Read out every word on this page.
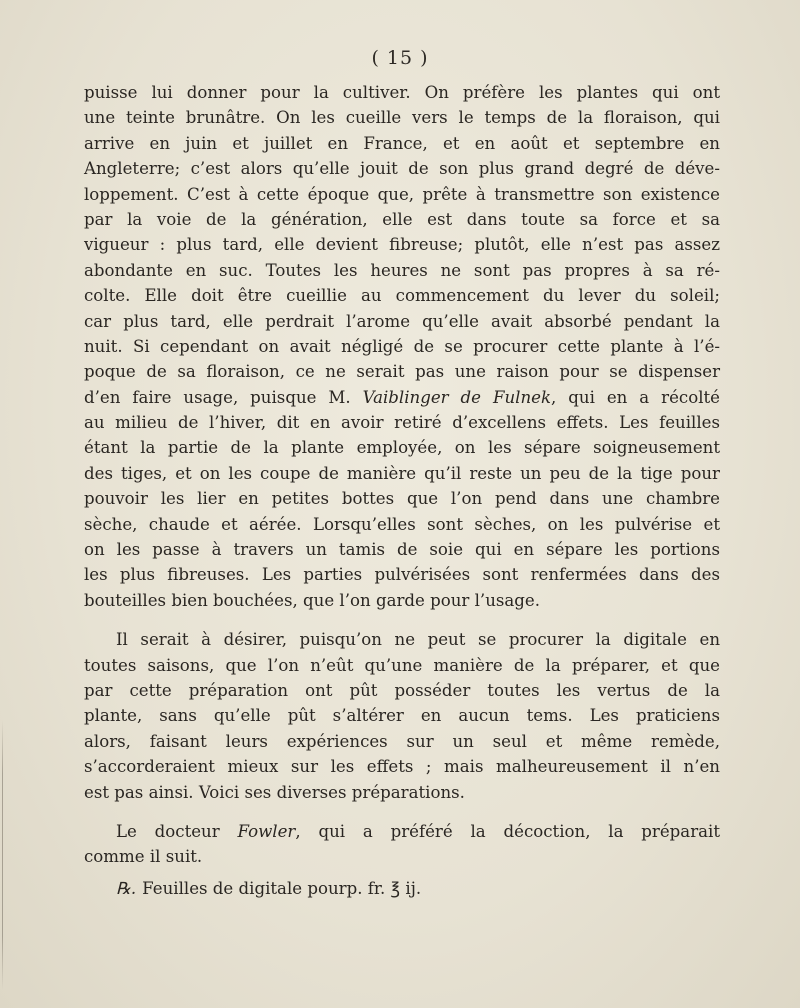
( 15 )
puisse lui donner pour la cultiver. On préfère les plantes qui ont
une teinte brunâtre. On les cueille vers le temps de la floraison, qui
arrive en juin et juillet en France, et en août et septembre en
Angleterre; c’est alors qu’elle jouit de son plus grand degré de déve-
loppement. C’est à cette époque que, prête à transmettre son existence
par la voie de la génération, elle est dans toute sa force et sa
vigueur : plus tard, elle devient fibreuse; plutôt, elle n’est pas assez
abondante en suc. Toutes les heures ne sont pas propres à sa ré-
colte. Elle doit être cueillie au commencement du lever du soleil;
car plus tard, elle perdrait l’arome qu’elle avait absorbé pendant la
nuit. Si cependant on avait négligé de se procurer cette plante à l’é-
poque de sa floraison, ce ne serait pas une raison pour se dispenser
d’en faire usage, puisque M. Vaiblinger de Fulnek, qui en a récolté
au milieu de l’hiver, dit en avoir retiré d’excellens effets. Les feuilles
étant la partie de la plante employée, on les sépare soigneusement
des tiges, et on les coupe de manière qu’il reste un peu de la tige pour
pouvoir les lier en petites bottes que l’on pend dans une chambre
sèche, chaude et aérée. Lorsqu’elles sont sèches, on les pulvérise et
on les passe à travers un tamis de soie qui en sépare les portions
les plus fibreuses. Les parties pulvérisées sont renfermées dans des
bouteilles bien bouchées, que l’on garde pour l’usage.
Il serait à désirer, puisqu’on ne peut se procurer la digitale en
toutes saisons, que l’on n’eût qu’une manière de la préparer, et que
par cette préparation ont pût posséder toutes les vertus de la
plante, sans qu’elle pût s’altérer en aucun tems. Les praticiens
alors, faisant leurs expériences sur un seul et même remède,
s’accorderaient mieux sur les effets ; mais malheureusement il n’en
est pas ainsi. Voici ses diverses préparations.
Le docteur Fowler, qui a préféré la décoction, la préparait
comme il suit.
℞. Feuilles de digitale pourp. fr. ℥ ij.
